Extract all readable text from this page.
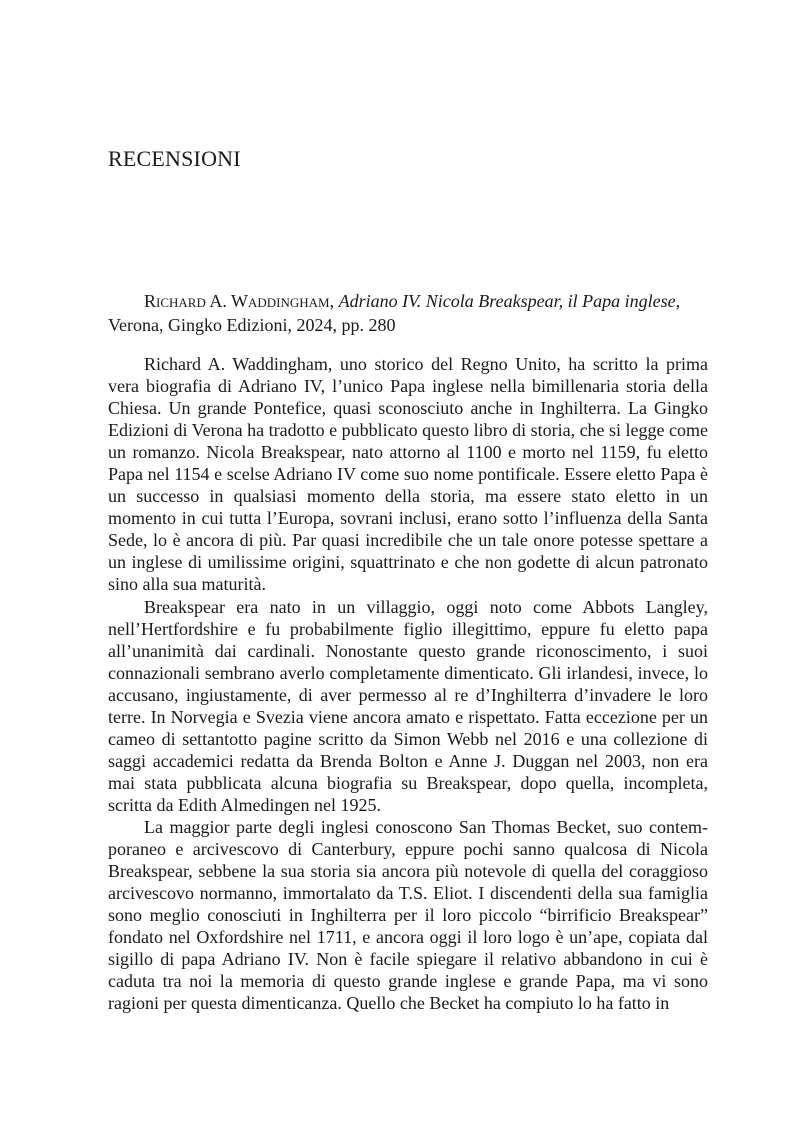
RECENSIONI

Richard A. Waddingham, Adriano IV. Nicola Breakspear, il Papa inglese, Verona, Gingko Edizioni, 2024, pp. 280

Richard A. Waddingham, uno storico del Regno Unito, ha scritto la prima vera biografia di Adriano IV, l’unico Papa inglese nella bimillenaria storia della Chiesa. Un grande Pontefice, quasi sconosciuto anche in Inghilterra. La Gingko Edizioni di Verona ha tradotto e pubblicato questo libro di storia, che si legge come un romanzo. Nicola Breakspear, nato attorno al 1100 e morto nel 1159, fu eletto Papa nel 1154 e scelse Adriano IV come suo nome pontificale. Essere eletto Papa è un successo in qualsiasi momento della storia, ma essere stato eletto in un momento in cui tutta l’Europa, sovrani inclusi, erano sotto l’influenza della Santa Sede, lo è ancora di più. Par quasi incredibile che un tale onore potesse spettare a un inglese di umilissime origini, squattrinato e che non godette di alcun patronato sino alla sua maturità.

Breakspear era nato in un villaggio, oggi noto come Abbots Langley, nell’Hertfordshire e fu probabilmente figlio illegittimo, eppure fu eletto papa all’unanimità dai cardinali. Nonostante questo grande riconoscimento, i suoi connazionali sembrano averlo completamente dimenticato. Gli irlandesi, invece, lo accusano, ingiustamente, di aver permesso al re d’Inghilterra d’invadere le loro terre. In Norvegia e Svezia viene ancora amato e rispettato. Fatta eccezione per un cameo di settantotto pagine scritto da Simon Webb nel 2016 e una collezione di saggi accademici redatta da Brenda Bolton e Anne J. Duggan nel 2003, non era mai stata pubblicata alcuna biografia su Breakspear, dopo quella, incompleta, scritta da Edith Almedingen nel 1925.

La maggior parte degli inglesi conoscono San Thomas Becket, suo contemporaneo e arcivescovo di Canterbury, eppure pochi sanno qualcosa di Nicola Breakspear, sebbene la sua storia sia ancora più notevole di quella del coraggioso arcivescovo normanno, immortalato da T.S. Eliot. I discendenti della sua famiglia sono meglio conosciuti in Inghilterra per il loro piccolo “birrificio Breakspear” fondato nel Oxfordshire nel 1711, e ancora oggi il loro logo è un’ape, copiata dal sigillo di papa Adriano IV. Non è facile spiegare il relativo abbandono in cui è caduta tra noi la memoria di questo grande inglese e grande Papa, ma vi sono ragioni per questa dimenticanza. Quello che Becket ha compiuto lo ha fatto in
